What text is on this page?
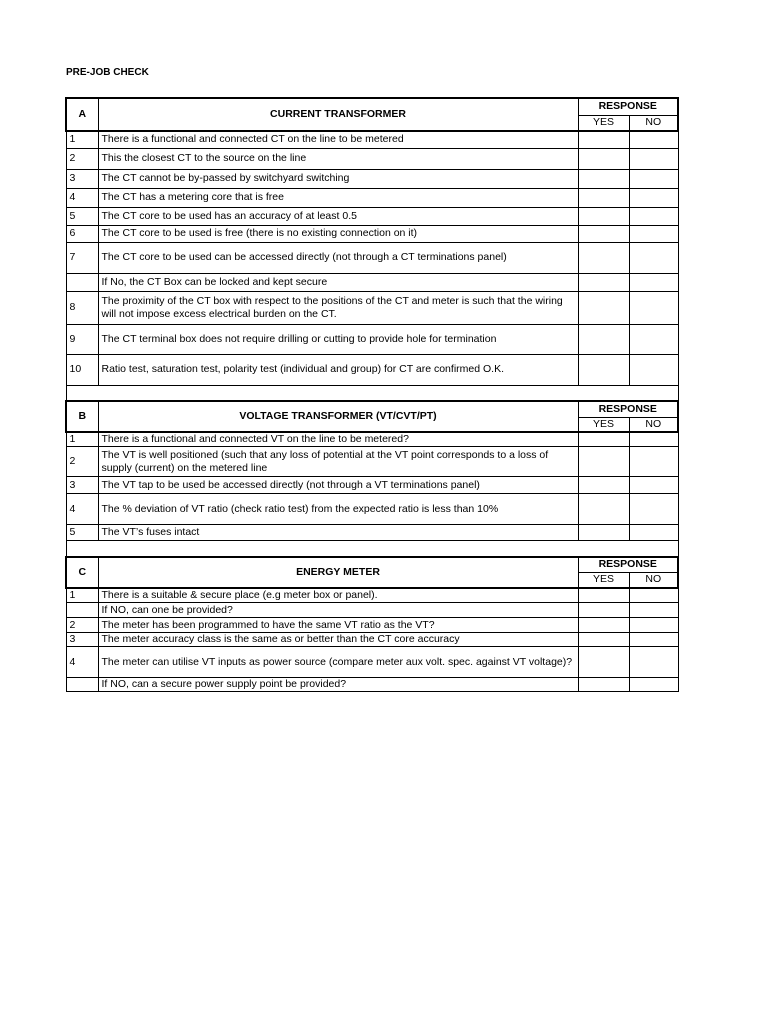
PRE-JOB CHECK
A	CURRENT TRANSFORMER	RESPONSE	
		YES	NO
1	There is a functional and connected CT on the line to be metered		
2	This the closest CT to the source on the line		
3	The CT cannot be by-passed by switchyard switching		
4	The CT has a metering core that is free		
5	The CT core to be used has an accuracy of at least 0.5		
6	The CT core to be used is free (there is no existing connection on it)		
7	The CT core to be used can be accessed directly (not through a CT terminations panel)		
	If No, the CT Box can be locked and kept secure		
8	The proximity of the CT box with respect to the positions of the CT and meter is such that the wiring will not impose excess electrical burden on the CT.		
9	The CT terminal box does not require drilling or cutting to provide hole for termination		
10	Ratio test, saturation test, polarity test (individual and group) for CT are confirmed O.K.		

B	VOLTAGE TRANSFORMER (VT/CVT/PT)	RESPONSE	
		YES	NO
1	There is a functional and connected VT on the line to be metered?		
2	The VT is well positioned (such that any loss of potential at the VT point corresponds to a loss of supply (current) on the metered line		
3	The VT tap to be used be accessed directly (not through a VT terminations panel)		
4	The % deviation of VT ratio (check ratio test) from the expected ratio is less than 10%		
5	The VT’s fuses intact		

C	ENERGY METER	RESPONSE	
		YES	NO
1	There is a suitable & secure place (e.g meter box or panel).		
	If NO, can one be provided?		
2	The meter has been programmed to have the same VT ratio as the VT?		
3	The meter accuracy class is the same as or better than the CT core accuracy		
4	The meter can utilise VT inputs as power source (compare meter aux volt. spec. against VT voltage)?		
	If NO, can a secure power supply point be provided?		
